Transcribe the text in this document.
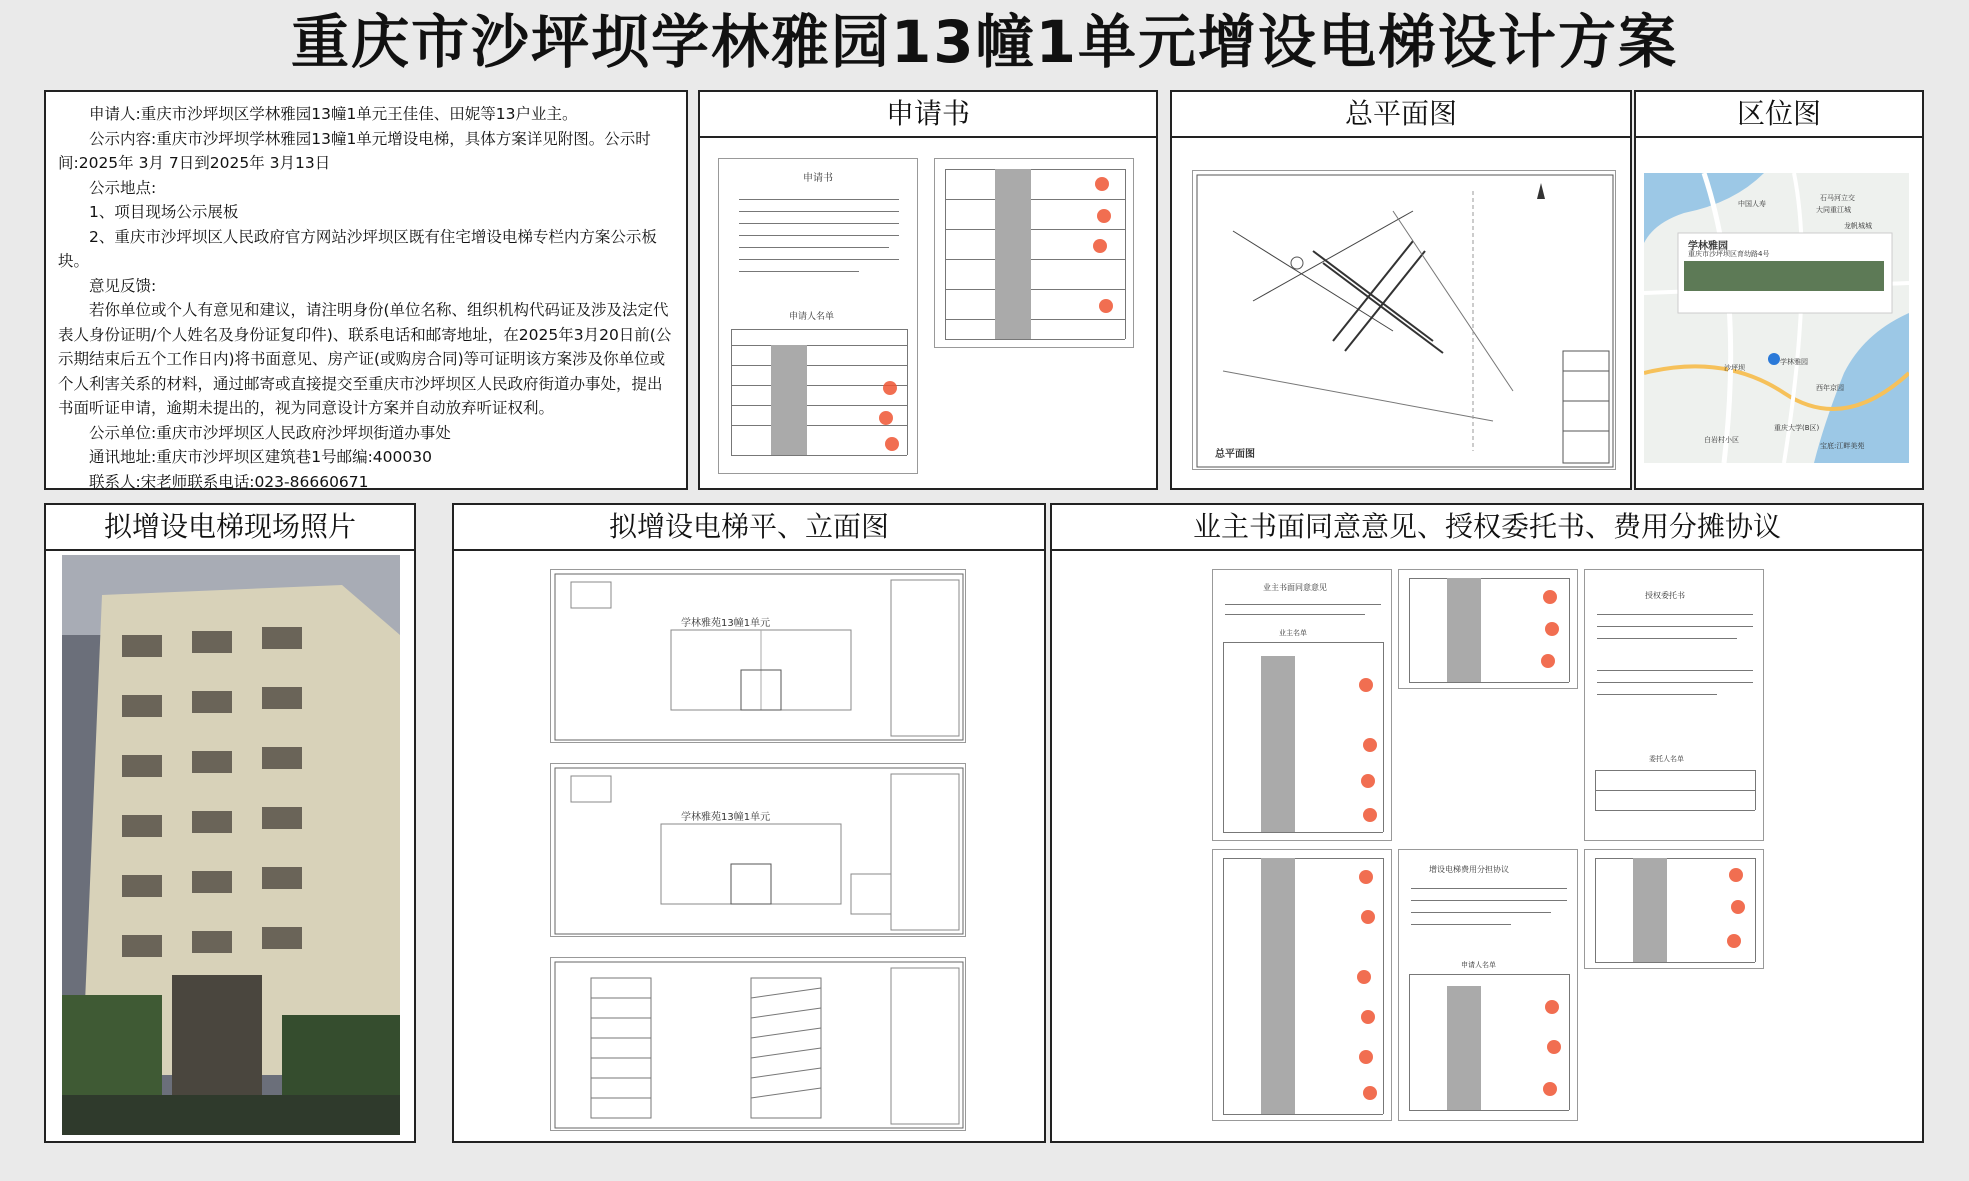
重庆市沙坪坝学林雅园13幢1单元增设电梯设计方案

申请人:重庆市沙坪坝区学林雅园13幢1单元王佳佳、田妮等13户业主。

公示内容:重庆市沙坪坝学林雅园13幢1单元增设电梯，具体方案详见附图。公示时间:2025年 3月 7日到2025年 3月13日

公示地点:

1、项目现场公示展板

2、重庆市沙坪坝区人民政府官方网站沙坪坝区既有住宅增设电梯专栏内方案公示板块。

意见反馈:

若你单位或个人有意见和建议，请注明身份(单位名称、组织机构代码证及涉及法定代表人身份证明/个人姓名及身份证复印件)、联系电话和邮寄地址，在2025年3月20日前(公示期结束后五个工作日内)将书面意见、房产证(或购房合同)等可证明该方案涉及你单位或个人利害关系的材料，通过邮寄或直接提交至重庆市沙坪坝区人民政府街道办事处，提出书面听证申请，逾期未提出的，视为同意设计方案并自动放弃听证权利。

公示单位:重庆市沙坪坝区人民政府沙坪坝街道办事处

通讯地址:重庆市沙坪坝区建筑巷1号邮编:400030

联系人:宋老师联系电话:023-86660671

申请书
申请书
申请人名单
总平面图
总平面图
区位图
学林雅园
重庆市沙坪坝区育幼路4号
中国人寿
石马河立交
大同重江城
龙帆城城
学林雅园
西年京园
重庆大学(B区)
白岩村小区
宝底:江畔美苑
沙坪坝
拟增设电梯现场照片	拟增设电梯平、立面图
学林雅苑13幢1单元
学林雅苑13幢1单元
业主书面同意意见、授权委托书、费用分摊协议
业主书面同意意见
业主名单
授权委托书
委托人名单
增设电梯费用分担协议
申请人名单
